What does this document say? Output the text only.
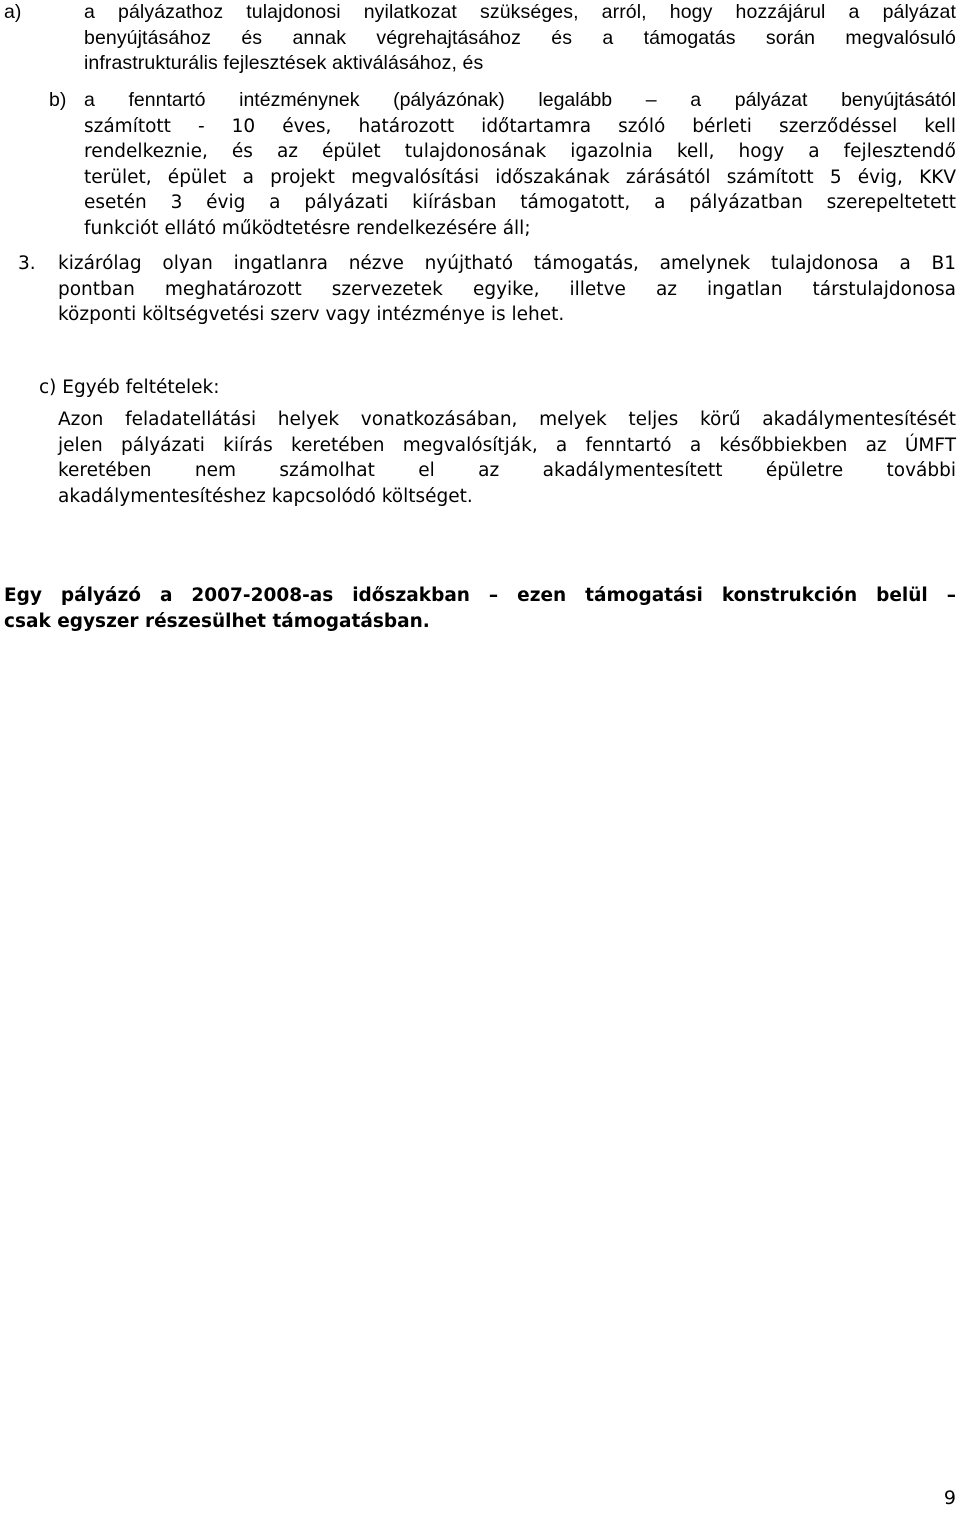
a)	a pályázathoz tulajdonosi nyilatkozat szükséges, arról, hogy hozzájárul a pályázat
benyújtásához és annak végrehajtásához és a támogatás során megvalósuló
infrastrukturális fejlesztések aktiválásához, és
b) a fenntartó intézménynek (pályázónak) legalább – a pályázat benyújtásától
számított - 10 éves, határozott időtartamra szóló bérleti szerződéssel kell
rendelkeznie, és az épület tulajdonosának igazolnia kell, hogy a fejlesztendő
terület, épület a projekt megvalósítási időszakának zárásától számított 5 évig, KKV
esetén 3 évig a pályázati kiírásban támogatott, a pályázatban szerepeltetett
funkciót ellátó működtetésre rendelkezésére áll;
3. kizárólag olyan ingatlanra nézve nyújtható támogatás, amelynek tulajdonosa a B1
pontban meghatározott szervezetek egyike, illetve az ingatlan társtulajdonosa
központi költségvetési szerv vagy intézménye is lehet.
c) Egyéb feltételek:
Azon feladatellátási helyek vonatkozásában, melyek teljes körű akadálymentesítését
jelen pályázati kiírás keretében megvalósítják, a fenntartó a későbbiekben az ÚMFT
keretében nem számolhat el az akadálymentesített épületre további
akadálymentesítéshez kapcsolódó költséget.
Egy pályázó a 2007-2008-as időszakban – ezen támogatási konstrukción belül –
csak egyszer részesülhet támogatásban.
9
